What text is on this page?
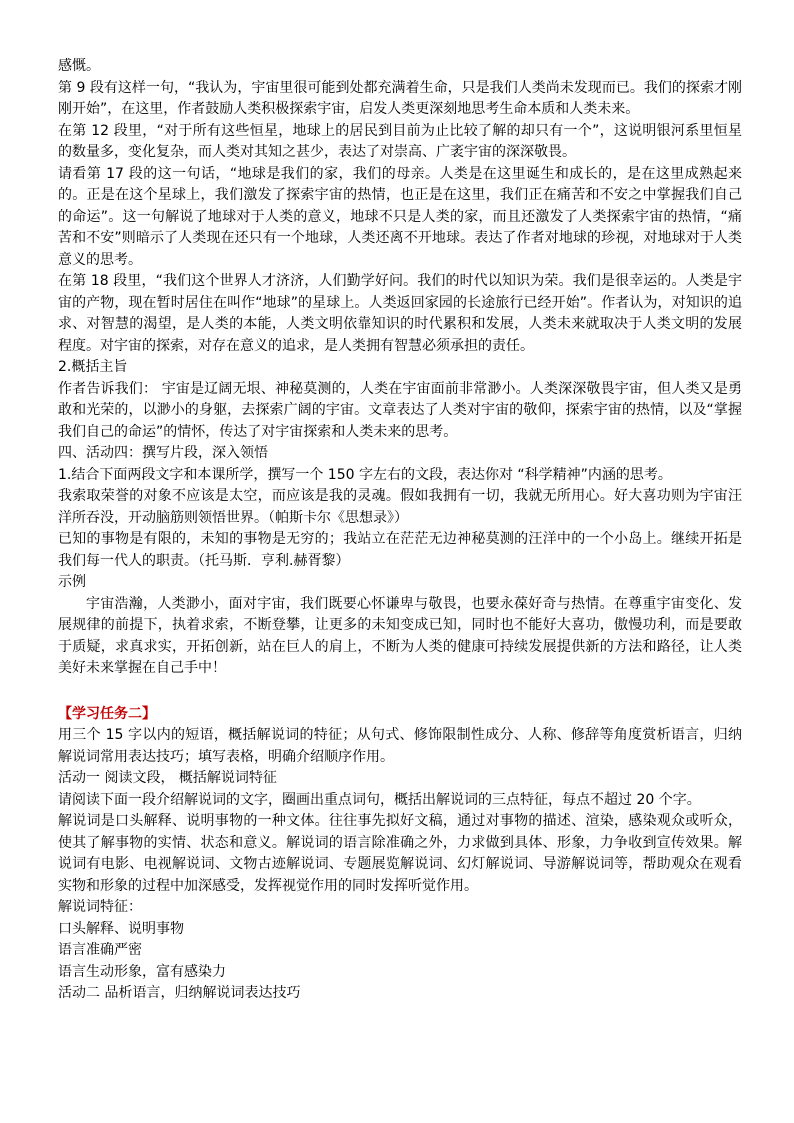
感慨。

第 9 段有这样一句，“我认为，宇宙里很可能到处都充满着生命，只是我们人类尚未发现而已。我们的探索才刚刚开始”，在这里，作者鼓励人类积极探索宇宙，启发人类更深刻地思考生命本质和人类未来。

在第 12 段里，“对于所有这些恒星，地球上的居民到目前为止比较了解的却只有一个”，这说明银河系里恒星的数量多，变化复杂，而人类对其知之甚少，表达了对崇高、广袤宇宙的深深敬畏。

请看第 17 段的这一句话，“地球是我们的家，我们的母亲。人类是在这里诞生和成长的，是在这里成熟起来的。正是在这个星球上，我们激发了探索宇宙的热情，也正是在这里，我们正在痛苦和不安之中掌握我们自己的命运”。这一句解说了地球对于人类的意义，地球不只是人类的家，而且还激发了人类探索宇宙的热情，“痛苦和不安”则暗示了人类现在还只有一个地球，人类还离不开地球。表达了作者对地球的珍视，对地球对于人类意义的思考。

在第 18 段里，“我们这个世界人才济济，人们勤学好问。我们的时代以知识为荣。我们是很幸运的。人类是宇宙的产物，现在暂时居住在叫作“地球”的星球上。人类返回家园的长途旅行已经开始”。作者认为，对知识的追求、对智慧的渴望，是人类的本能，人类文明依靠知识的时代累积和发展，人类未来就取决于人类文明的发展程度。对宇宙的探索，对存在意义的追求，是人类拥有智慧必须承担的责任。

2.概括主旨

作者告诉我们： 宇宙是辽阔无垠、神秘莫测的，人类在宇宙面前非常渺小。人类深深敬畏宇宙，但人类又是勇敢和光荣的，以渺小的身躯，去探索广阔的宇宙。文章表达了人类对宇宙的敬仰，探索宇宙的热情，以及“掌握我们自己的命运”的情怀，传达了对宇宙探索和人类未来的思考。

四、活动四：撰写片段，深入领悟

1.结合下面两段文字和本课所学，撰写一个 150 字左右的文段，表达你对 “科学精神”内涵的思考。

我索取荣誉的对象不应该是太空，而应该是我的灵魂。假如我拥有一切，我就无所用心。好大喜功则为宇宙汪洋所吞没，开动脑筋则领悟世界。（帕斯卡尔《思想录》）

已知的事物是有限的，未知的事物是无穷的；我站立在茫茫无边神秘莫测的汪洋中的一个小岛上。继续开拓是我们每一代人的职责。（托马斯．亨利.赫胥黎）

示例

宇宙浩瀚，人类渺小，面对宇宙，我们既要心怀谦卑与敬畏，也要永葆好奇与热情。在尊重宇宙变化、发展规律的前提下，执着求索，不断登攀，让更多的未知变成已知，同时也不能好大喜功，傲慢功利，而是要敢于质疑，求真求实，开拓创新，站在巨人的肩上，不断为人类的健康可持续发展提供新的方法和路径，让人类美好未来掌握在自己手中！

【学习任务二】

用三个 15 字以内的短语，概括解说词的特征；从句式、修饰限制性成分、人称、修辞等角度赏析语言，归纳解说词常用表达技巧；填写表格，明确介绍顺序作用。

活动一 阅读文段， 概括解说词特征

请阅读下面一段介绍解说词的文字，圈画出重点词句，概括出解说词的三点特征，每点不超过 20 个字。

解说词是口头解释、说明事物的一种文体。往往事先拟好文稿，通过对事物的描述、渲染，感染观众或听众，使其了解事物的实情、状态和意义。解说词的语言除准确之外，力求做到具体、形象，力争收到宣传效果。解说词有电影、电视解说词、文物古迹解说词、专题展览解说词、幻灯解说词、导游解说词等，帮助观众在观看实物和形象的过程中加深感受，发挥视觉作用的同时发挥听觉作用。

解说词特征：

口头解释、说明事物

语言准确严密

语言生动形象，富有感染力

活动二 品析语言，归纳解说词表达技巧
